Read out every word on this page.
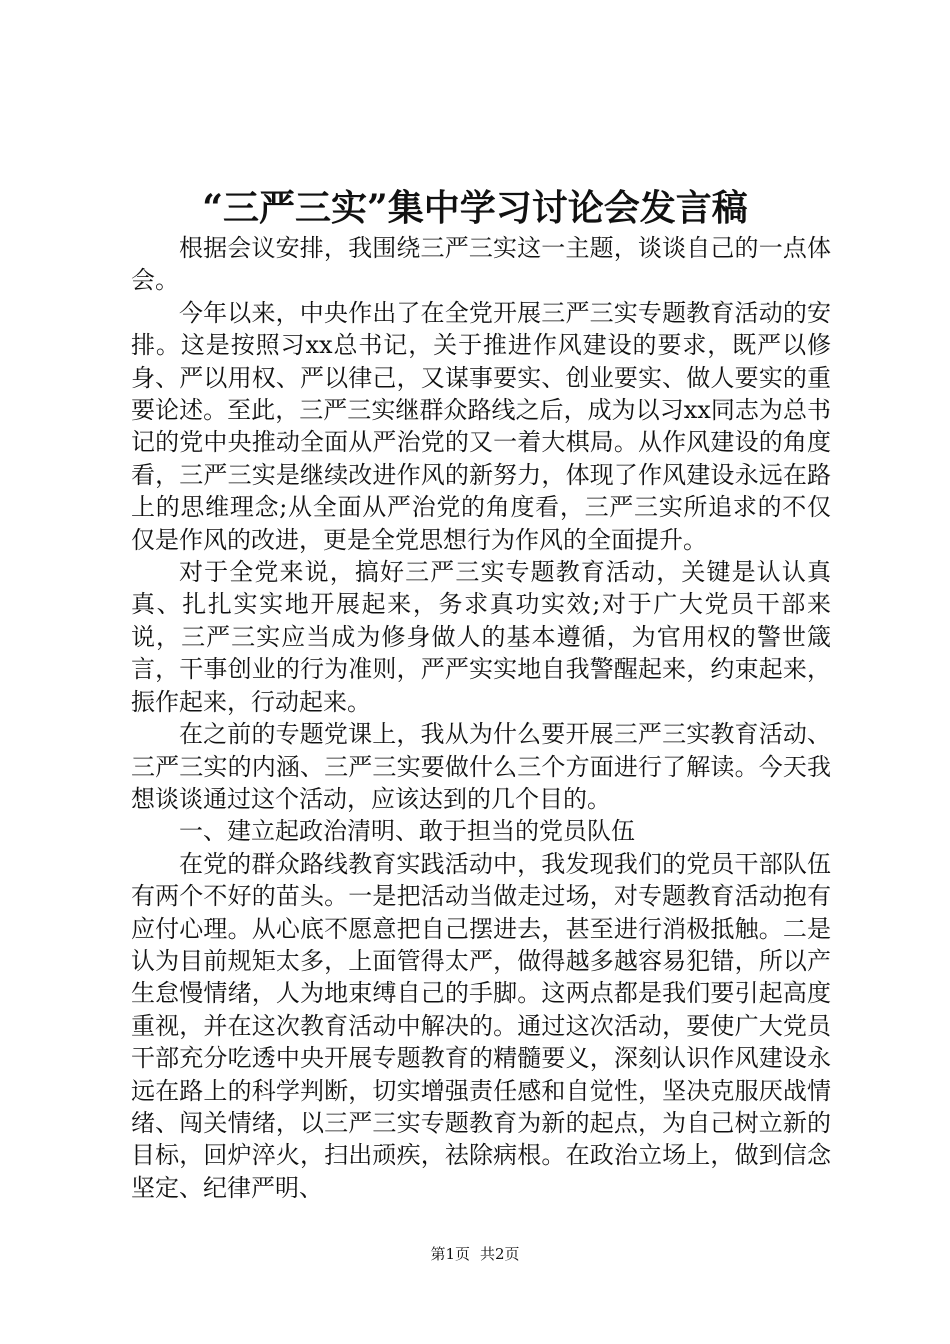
“三严三实”集中学习讨论会发言稿

根据会议安排，我围绕三严三实这一主题，谈谈自己的一点体会。

今年以来，中央作出了在全党开展三严三实专题教育活动的安排。这是按照习xx总书记，关于推进作风建设的要求，既严以修身、严以用权、严以律己，又谋事要实、创业要实、做人要实的重要论述。至此，三严三实继群众路线之后，成为以习xx同志为总书记的党中央推动全面从严治党的又一着大棋局。从作风建设的角度看，三严三实是继续改进作风的新努力，体现了作风建设永远在路上的思维理念;从全面从严治党的角度看，三严三实所追求的不仅仅是作风的改进，更是全党思想行为作风的全面提升。

对于全党来说，搞好三严三实专题教育活动，关键是认认真真、扎扎实实地开展起来，务求真功实效;对于广大党员干部来说，三严三实应当成为修身做人的基本遵循，为官用权的警世箴言，干事创业的行为准则，严严实实地自我警醒起来，约束起来，振作起来，行动起来。

在之前的专题党课上，我从为什么要开展三严三实教育活动、三严三实的内涵、三严三实要做什么三个方面进行了解读。今天我想谈谈通过这个活动，应该达到的几个目的。

一、建立起政治清明、敢于担当的党员队伍

在党的群众路线教育实践活动中，我发现我们的党员干部队伍有两个不好的苗头。一是把活动当做走过场，对专题教育活动抱有应付心理。从心底不愿意把自己摆进去，甚至进行消极抵触。二是认为目前规矩太多，上面管得太严，做得越多越容易犯错，所以产生怠慢情绪，人为地束缚自己的手脚。这两点都是我们要引起高度重视，并在这次教育活动中解决的。通过这次活动，要使广大党员干部充分吃透中央开展专题教育的精髓要义，深刻认识作风建设永远在路上的科学判断，切实增强责任感和自觉性，坚决克服厌战情绪、闯关情绪，以三严三实专题教育为新的起点，为自己树立新的目标，回炉淬火，扫出顽疾，祛除病根。在政治立场上，做到信念坚定、纪律严明、

第1页 共2页
